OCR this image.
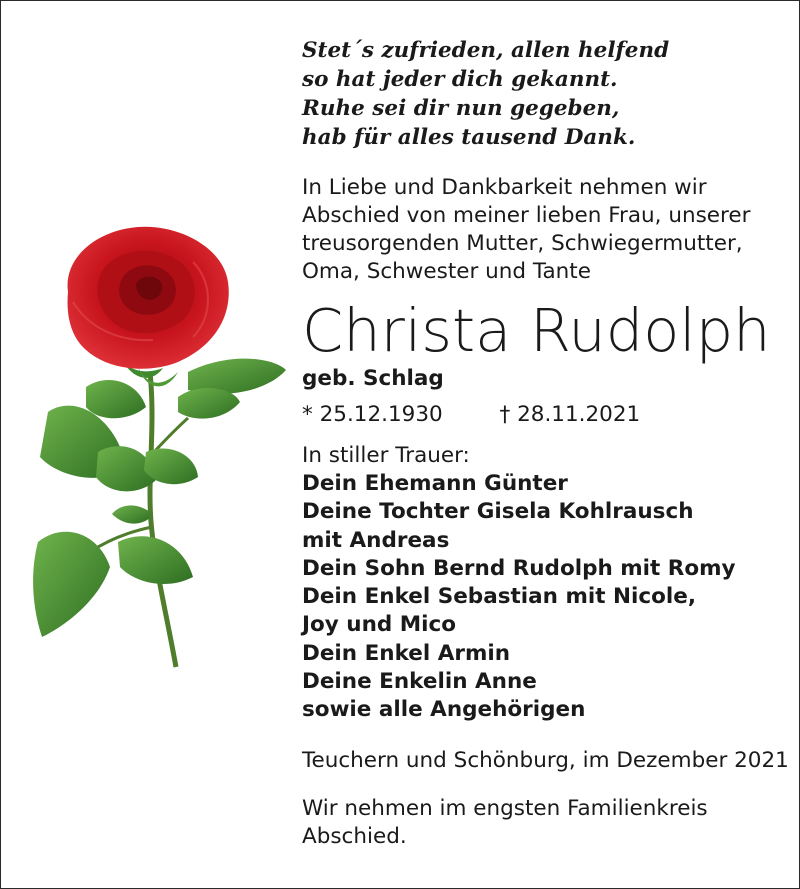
Stet´s zufrieden, allen helfend
so hat jeder dich gekannt.
Ruhe sei dir nun gegeben,
hab für alles tausend Dank.
In Liebe und Dankbarkeit nehmen wir
Abschied von meiner lieben Frau, unserer
treusorgenden Mutter, Schwiegermutter,
Oma, Schwester und Tante
Christa Rudolph
geb. Schlag
* 25.12.1930	† 28.11.2021
In stiller Trauer:
Dein Ehemann Günter
Deine Tochter Gisela Kohlrausch
mit Andreas
Dein Sohn Bernd Rudolph mit Romy
Dein Enkel Sebastian mit Nicole,
Joy und Mico
Dein Enkel Armin
Deine Enkelin Anne
sowie alle Angehörigen
Teuchern und Schönburg, im Dezember 2021
Wir nehmen im engsten Familienkreis
Abschied.
